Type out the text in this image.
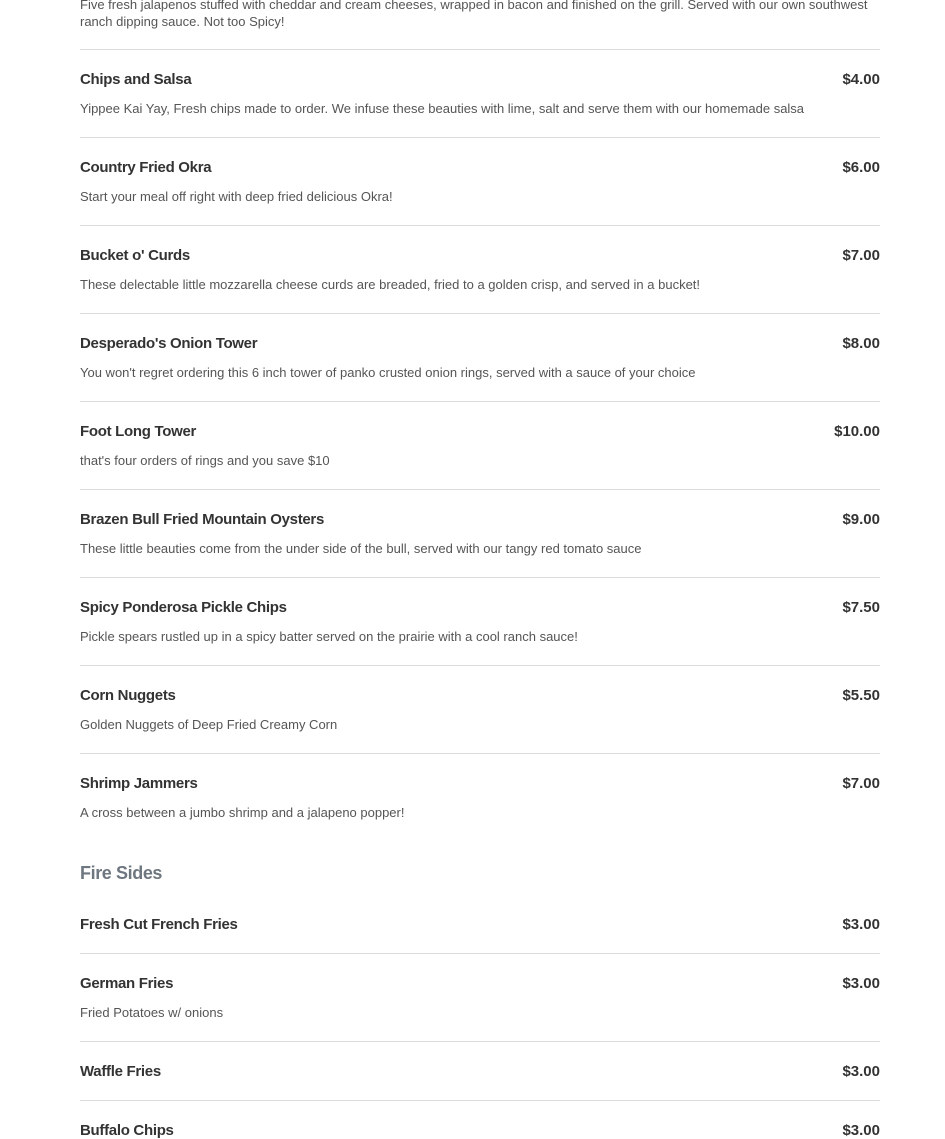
Five fresh jalapenos stuffed with cheddar and cream cheeses, wrapped in bacon and finished on the grill. Served with our own southwest ranch dipping sauce. Not too Spicy!
Chips and Salsa	$4.00
Yippee Kai Yay, Fresh chips made to order. We infuse these beauties with lime, salt and serve them with our homemade salsa
Country Fried Okra	$6.00
Start your meal off right with deep fried delicious Okra!
Bucket o' Curds	$7.00
These delectable little mozzarella cheese curds are breaded, fried to a golden crisp, and served in a bucket!
Desperado's Onion Tower	$8.00
You won't regret ordering this 6 inch tower of panko crusted onion rings, served with a sauce of your choice
Foot Long Tower	$10.00
that's four orders of rings and you save $10
Brazen Bull Fried Mountain Oysters	$9.00
These little beauties come from the under side of the bull, served with our tangy red tomato sauce
Spicy Ponderosa Pickle Chips	$7.50
Pickle spears rustled up in a spicy batter served on the prairie with a cool ranch sauce!
Corn Nuggets	$5.50
Golden Nuggets of Deep Fried Creamy Corn
Shrimp Jammers	$7.00
A cross between a jumbo shrimp and a jalapeno popper!
Fire Sides
Fresh Cut French Fries	$3.00
German Fries	$3.00
Fried Potatoes w/ onions
Waffle Fries	$3.00
Buffalo Chips	$3.00
